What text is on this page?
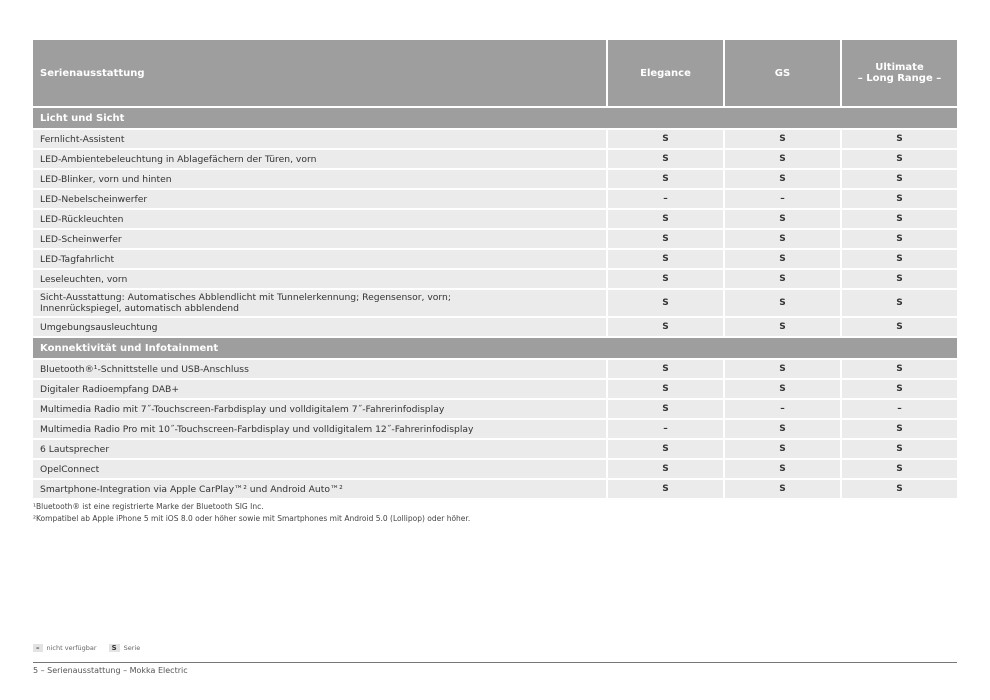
Serienausstattung	Elegance	GS	Ultimate
– Long Range –
Licht und Sicht
Fernlicht-Assistent	S	S	S
LED-Ambientebeleuchtung in Ablagefächern der Türen, vorn	S	S	S
LED-Blinker, vorn und hinten	S	S	S
LED-Nebelscheinwerfer	–	–	S
LED-Rückleuchten	S	S	S
LED-Scheinwerfer	S	S	S
LED-Tagfahrlicht	S	S	S
Leseleuchten, vorn	S	S	S
Sicht-Ausstattung: Automatisches Abblendlicht mit Tunnelerkennung; Regensensor, vorn;
Innenrückspiegel, automatisch abblendend	S	S	S
Umgebungsausleuchtung	S	S	S
Konnektivität und Infotainment
Bluetooth®¹-Schnittstelle und USB-Anschluss	S	S	S
Digitaler Radioempfang DAB+	S	S	S
Multimedia Radio mit 7˝-Touchscreen-Farbdisplay und volldigitalem 7˝-Fahrerinfodisplay	S	–	–
Multimedia Radio Pro mit 10˝-Touchscreen-Farbdisplay und volldigitalem 12˝-Fahrerinfodisplay	–	S	S
6 Lautsprecher	S	S	S
OpelConnect	S	S	S
Smartphone-Integration via Apple CarPlay™² und Android Auto™²	S	S	S
¹Bluetooth® ist eine registrierte Marke der Bluetooth SIG Inc.
²Kompatibel ab Apple iPhone 5 mit iOS 8.0 oder höher sowie mit Smartphones mit Android 5.0 (Lollipop) oder höher.
–	nicht verfügbar	S	Serie
5 – Serienausstattung – Mokka Electric
